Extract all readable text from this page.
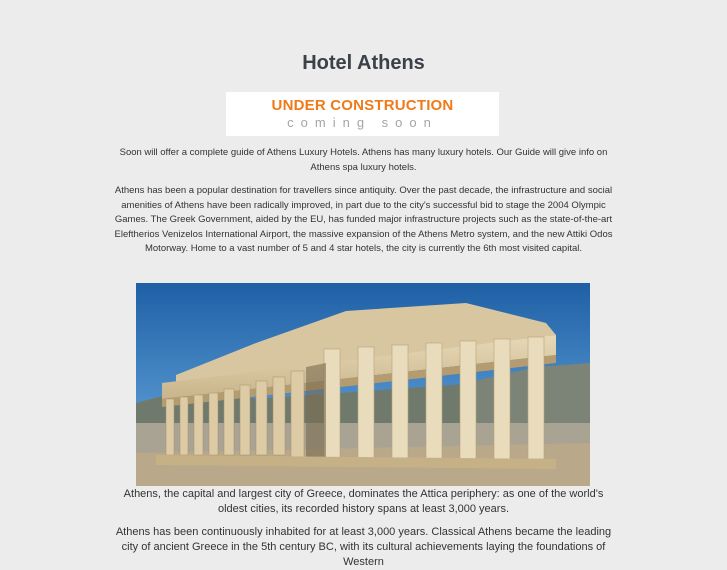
Hotel Athens
UNDER CONSTRUCTION
coming soon

Soon will offer a complete guide of Athens Luxury Hotels. Athens has many luxury hotels. Our Guide will give info on Athens spa luxury hotels.

Athens has been a popular destination for travellers since antiquity. Over the past decade, the infrastructure and social amenities of Athens have been radically improved, in part due to the city's successful bid to stage the 2004 Olympic Games. The Greek Government, aided by the EU, has funded major infrastructure projects such as the state-of-the-art Eleftherios Venizelos International Airport, the massive expansion of the Athens Metro system, and the new Attiki Odos Motorway. Home to a vast number of 5 and 4 star hotels, the city is currently the 6th most visited capital.

Athens, the capital and largest city of Greece, dominates the Attica periphery: as one of the world's oldest cities, its recorded history spans at least 3,000 years.

Athens has been continuously inhabited for at least 3,000 years. Classical Athens became the leading city of ancient Greece in the 5th century BC, with its cultural achievements laying the foundations of Western
